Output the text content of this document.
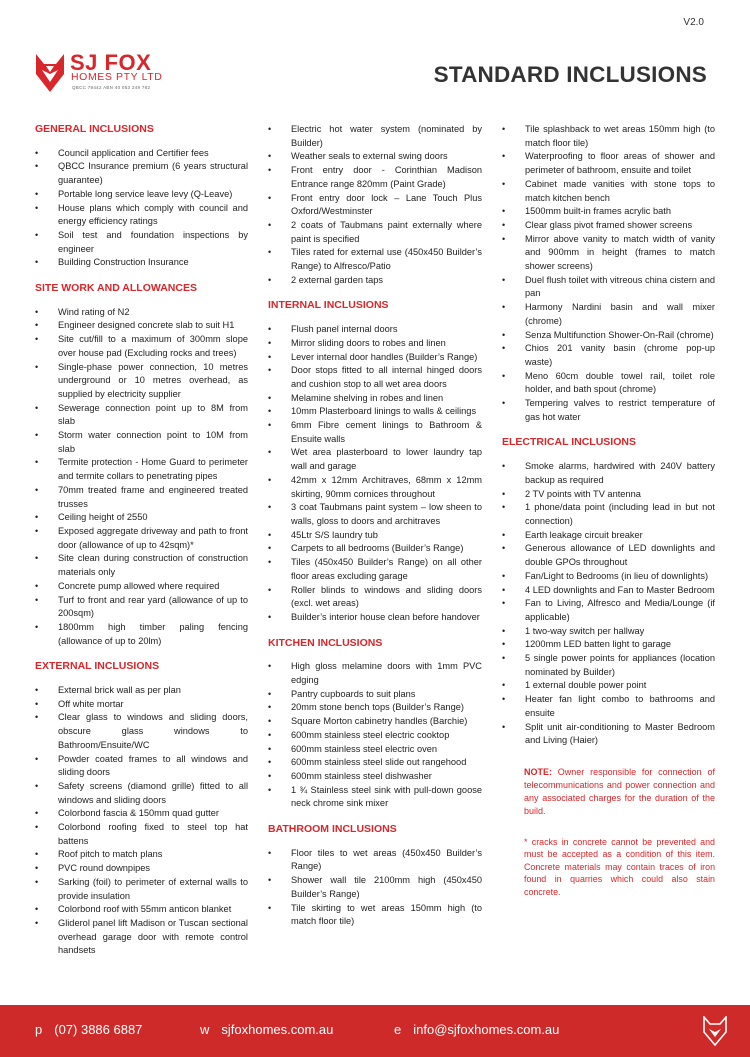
V2.0
SJ FOX
HOMES PTY LTD
QBCC 79442 ABN 40 053 249 782
STANDARD INCLUSIONS
GENERAL INCLUSIONS
• Council application and Certifier fees
• QBCC Insurance premium (6 years structural guarantee)
• Portable long service leave levy (Q-Leave)
• House plans which comply with council and energy efficiency ratings
• Soil test and foundation inspections by engineer
• Building Construction Insurance
SITE WORK AND ALLOWANCES
• Wind rating of N2
• Engineer designed concrete slab to suit H1
• Site cut/fill to a maximum of 300mm slope over house pad (Excluding rocks and trees)
• Single-phase power connection, 10 metres underground or 10 metres overhead, as supplied by electricity supplier
• Sewerage connection point up to 8M from slab
• Storm water connection point to 10M from slab
• Termite protection - Home Guard to perimeter and termite collars to penetrating pipes
• 70mm treated frame and engineered treated trusses
• Ceiling height of 2550
• Exposed aggregate driveway and path to front door (allowance of up to 42sqm)*
• Site clean during construction of construction materials only
• Concrete pump allowed where required
• Turf to front and rear yard (allowance of up to 200sqm)
• 1800mm high timber paling fencing (allowance of up to 20lm)
EXTERNAL INCLUSIONS
• External brick wall as per plan
• Off white mortar
• Clear glass to windows and sliding doors, obscure glass windows to Bathroom/Ensuite/WC
• Powder coated frames to all windows and sliding doors
• Safety screens (diamond grille) fitted to all windows and sliding doors
• Colorbond fascia & 150mm quad gutter
• Colorbond roofing fixed to steel top hat battens
• Roof pitch to match plans
• PVC round downpipes
• Sarking (foil) to perimeter of external walls to provide insulation
• Colorbond roof with 55mm anticon blanket
• Gliderol panel lift Madison or Tuscan sectional overhead garage door with remote control handsets
• Electric hot water system (nominated by Builder)
• Weather seals to external swing doors
• Front entry door - Corinthian Madison Entrance range 820mm (Paint Grade)
• Front entry door lock – Lane Touch Plus Oxford/Westminster
• 2 coats of Taubmans paint externally where paint is specified
• Tiles rated for external use (450x450 Builder’s Range) to Alfresco/Patio
• 2 external garden taps
INTERNAL INCLUSIONS
• Flush panel internal doors
• Mirror sliding doors to robes and linen
• Lever internal door handles (Builder’s Range)
• Door stops fitted to all internal hinged doors and cushion stop to all wet area doors
• Melamine shelving in robes and linen
• 10mm Plasterboard linings to walls & ceilings
• 6mm Fibre cement linings to Bathroom & Ensuite walls
• Wet area plasterboard to lower laundry tap wall and garage
• 42mm x 12mm Architraves, 68mm x 12mm skirting, 90mm cornices throughout
• 3 coat Taubmans paint system – low sheen to walls, gloss to doors and architraves
• 45Ltr S/S laundry tub
• Carpets to all bedrooms (Builder’s Range)
• Tiles (450x450 Builder’s Range) on all other floor areas excluding garage
• Roller blinds to windows and sliding doors (excl. wet areas)
• Builder’s interior house clean before handover
KITCHEN INCLUSIONS
• High gloss melamine doors with 1mm PVC edging
• Pantry cupboards to suit plans
• 20mm stone bench tops (Builder’s Range)
• Square Morton cabinetry handles (Barchie)
• 600mm stainless steel electric cooktop
• 600mm stainless steel electric oven
• 600mm stainless steel slide out rangehood
• 600mm stainless steel dishwasher
• 1 ¾ Stainless steel sink with pull-down goose neck chrome sink mixer
BATHROOM INCLUSIONS
• Floor tiles to wet areas (450x450 Builder’s Range)
• Shower wall tile 2100mm high (450x450 Builder’s Range)
• Tile skirting to wet areas 150mm high (to match floor tile)
• Tile splashback to wet areas 150mm high (to match floor tile)
• Waterproofing to floor areas of shower and perimeter of bathroom, ensuite and toilet
• Cabinet made vanities with stone tops to match kitchen bench
• 1500mm built-in frames acrylic bath
• Clear glass pivot framed shower screens
• Mirror above vanity to match width of vanity and 900mm in height (frames to match shower screens)
• Duel flush toilet with vitreous china cistern and pan
• Harmony Nardini basin and wall mixer (chrome)
• Senza Multifunction Shower-On-Rail (chrome)
• Chios 201 vanity basin (chrome pop-up waste)
• Meno 60cm double towel rail, toilet role holder, and bath spout (chrome)
• Tempering valves to restrict temperature of gas hot water
ELECTRICAL INCLUSIONS
• Smoke alarms, hardwired with 240V battery backup as required
• 2 TV points with TV antenna
• 1 phone/data point (including lead in but not connection)
• Earth leakage circuit breaker
• Generous allowance of LED downlights and double GPOs throughout
• Fan/Light to Bedrooms (in lieu of downlights)
• 4 LED downlights and Fan to Master Bedroom
• Fan to Living, Alfresco and Media/Lounge (if applicable)
• 1 two-way switch per hallway
• 1200mm LED batten light to garage
• 5 single power points for appliances (location nominated by Builder)
• 1 external double power point
• Heater fan light combo to bathrooms and ensuite
• Split unit air-conditioning to Master Bedroom and Living (Haier)
NOTE: Owner responsible for connection of telecommunications and power connection and any associated charges for the duration of the build.
* cracks in concrete cannot be prevented and must be accepted as a condition of this item. Concrete materials may contain traces of iron found in quarries which could also stain concrete.
p (07) 3886 6887	w sjfoxhomes.com.au	e info@sjfoxhomes.com.au
